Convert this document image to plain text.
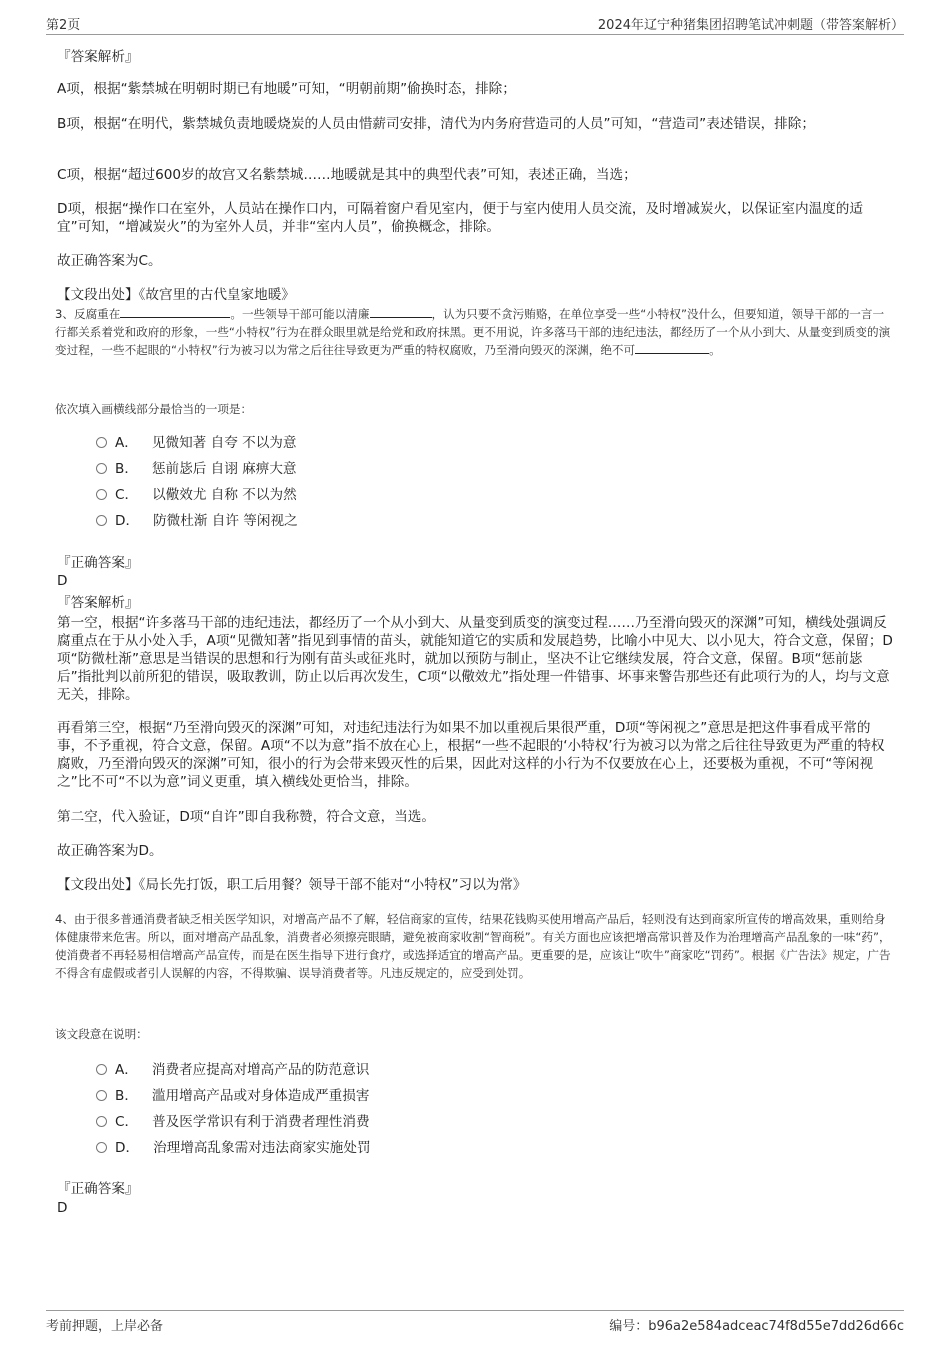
第2页	2024年辽宁种猪集团招聘笔试冲刺题（带答案解析）

『答案解析』

A项，根据“紫禁城在明朝时期已有地暖”可知，“明朝前期”偷换时态，排除；

B项，根据“在明代，紫禁城负责地暖烧炭的人员由惜薪司安排，清代为内务府营造司的人员”可知，“营造司”表述错误，排除；

C项，根据“超过600岁的故宫又名紫禁城……地暖就是其中的典型代表”可知，表述正确，当选；

D项，根据“操作口在室外，人员站在操作口内，可隔着窗户看见室内，便于与室内使用人员交流，及时增减炭火，以保证室内温度的适宜”可知，“增减炭火”的为室外人员，并非“室内人员”，偷换概念，排除。

故正确答案为C。

【文段出处】《故宫里的古代皇家地暖》

3、反腐重在	。一些领导干部可能以清廉	，认为只要不贪污贿赂，在单位享受一些“小特权”没什么，但要知道，领导干部的一言一行都关系着党和政府的形象，一些“小特权”行为在群众眼里就是给党和政府抹黑。更不用说，许多落马干部的违纪违法，都经历了一个从小到大、从量变到质变的演变过程，一些不起眼的“小特权”行为被习以为常之后往往导致更为严重的特权腐败，乃至滑向毁灭的深渊，绝不可	。

依次填入画横线部分最恰当的一项是：

A． 见微知著 自夸 不以为意
B． 惩前毖后 自诩 麻痹大意
C． 以儆效尤 自称 不以为然
D． 防微杜渐 自许 等闲视之

『正确答案』

D

『答案解析』

第一空，根据“许多落马干部的违纪违法，都经历了一个从小到大、从量变到质变的演变过程……乃至滑向毁灭的深渊”可知，横线处强调反腐重点在于从小处入手，A项“见微知著”指见到事情的苗头，就能知道它的实质和发展趋势，比喻小中见大、以小见大，符合文意，保留；D项“防微杜渐”意思是当错误的思想和行为刚有苗头或征兆时，就加以预防与制止，坚决不让它继续发展，符合文意，保留。B项“惩前毖后”指批判以前所犯的错误，吸取教训，防止以后再次发生，C项“以儆效尤”指处理一件错事、坏事来警告那些还有此项行为的人，均与文意无关，排除。

再看第三空，根据“乃至滑向毁灭的深渊”可知，对违纪违法行为如果不加以重视后果很严重，D项“等闲视之”意思是把这件事看成平常的事，不予重视，符合文意，保留。A项“不以为意”指不放在心上，根据“一些不起眼的‘小特权’行为被习以为常之后往往导致更为严重的特权腐败，乃至滑向毁灭的深渊”可知，很小的行为会带来毁灭性的后果，因此对这样的小行为不仅要放在心上，还要极为重视，不可“等闲视之”比不可“不以为意”词义更重，填入横线处更恰当，排除。

第二空，代入验证，D项“自许”即自我称赞，符合文意，当选。

故正确答案为D。

【文段出处】《局长先打饭，职工后用餐？领导干部不能对“小特权”习以为常》

4、由于很多普通消费者缺乏相关医学知识，对增高产品不了解，轻信商家的宣传，结果花钱购买使用增高产品后，轻则没有达到商家所宣传的增高效果，重则给身体健康带来危害。所以，面对增高产品乱象，消费者必须擦亮眼睛，避免被商家收割“智商税”。有关方面也应该把增高常识普及作为治理增高产品乱象的一味“药”，使消费者不再轻易相信增高产品宣传，而是在医生指导下进行食疗，或选择适宜的增高产品。更重要的是，应该让“吹牛”商家吃“罚药”。根据《广告法》规定，广告不得含有虚假或者引人误解的内容，不得欺骗、误导消费者等。凡违反规定的，应受到处罚。

该文段意在说明：

A． 消费者应提高对增高产品的防范意识
B． 滥用增高产品或对身体造成严重损害
C． 普及医学常识有利于消费者理性消费
D． 治理增高乱象需对违法商家实施处罚

『正确答案』

D

考前押题，上岸必备	编号：b96a2e584adceac74f8d55e7dd26d66c
